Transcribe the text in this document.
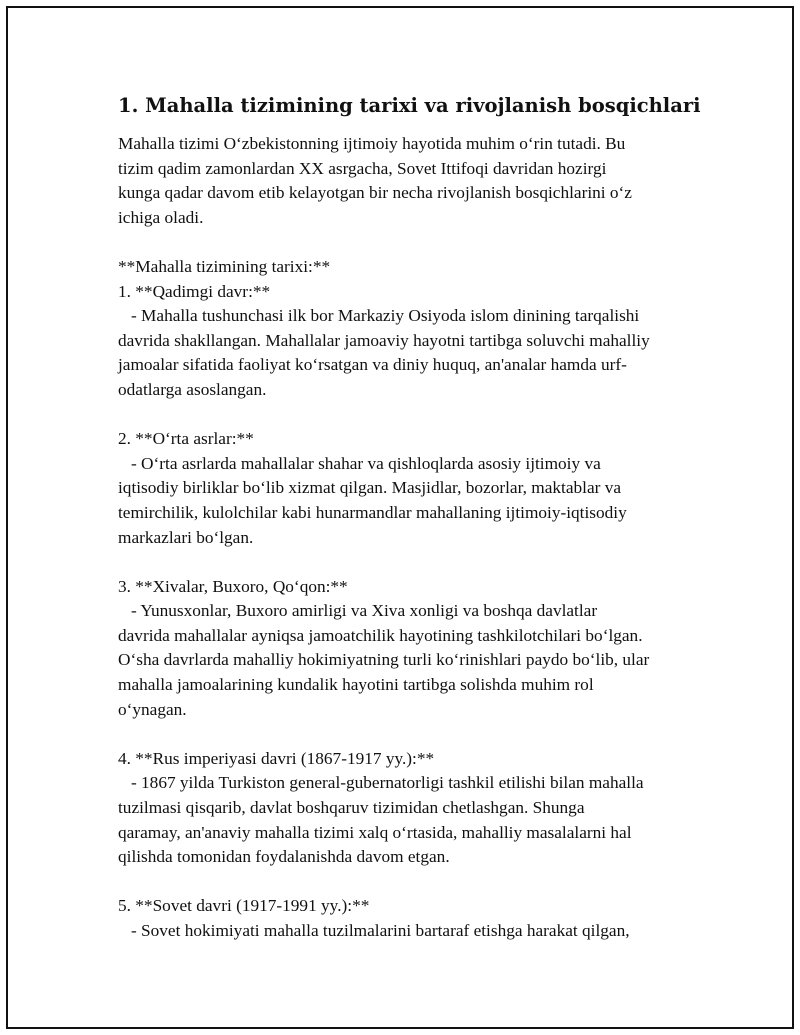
1. Mahalla tizimining tarixi va rivojlanish bosqichlari

Mahalla tizimi O‘zbekistonning ijtimoiy hayotida muhim o‘rin tutadi. Bu

tizim qadim zamonlardan XX asrgacha, Sovet Ittifoqi davridan hozirgi

kunga qadar davom etib kelayotgan bir necha rivojlanish bosqichlarini o‘z

ichiga oladi.

**Mahalla tizimining tarixi:**

1. **Qadimgi davr:**

- Mahalla tushunchasi ilk bor Markaziy Osiyoda islom dinining tarqalishi

davrida shakllangan. Mahallalar jamoaviy hayotni tartibga soluvchi mahalliy

jamoalar sifatida faoliyat ko‘rsatgan va diniy huquq, an'analar hamda urf-

odatlarga asoslangan.

2. **O‘rta asrlar:**

- O‘rta asrlarda mahallalar shahar va qishloqlarda asosiy ijtimoiy va

iqtisodiy birliklar bo‘lib xizmat qilgan. Masjidlar, bozorlar, maktablar va

temirchilik, kulolchilar kabi hunarmandlar mahallaning ijtimoiy-iqtisodiy

markazlari bo‘lgan.

3. **Xivalar, Buxoro, Qo‘qon:**

- Yunusxonlar, Buxoro amirligi va Xiva xonligi va boshqa davlatlar

davrida mahallalar ayniqsa jamoatchilik hayotining tashkilotchilari bo‘lgan.

O‘sha davrlarda mahalliy hokimiyatning turli ko‘rinishlari paydo bo‘lib, ular

mahalla jamoalarining kundalik hayotini tartibga solishda muhim rol

o‘ynagan.

4. **Rus imperiyasi davri (1867-1917 yy.):**

- 1867 yilda Turkiston general-gubernatorligi tashkil etilishi bilan mahalla

tuzilmasi qisqarib, davlat boshqaruv tizimidan chetlashgan. Shunga

qaramay, an'anaviy mahalla tizimi xalq o‘rtasida, mahalliy masalalarni hal

qilishda tomonidan foydalanishda davom etgan.

5. **Sovet davri (1917-1991 yy.):**

- Sovet hokimiyati mahalla tuzilmalarini bartaraf etishga harakat qilgan,
